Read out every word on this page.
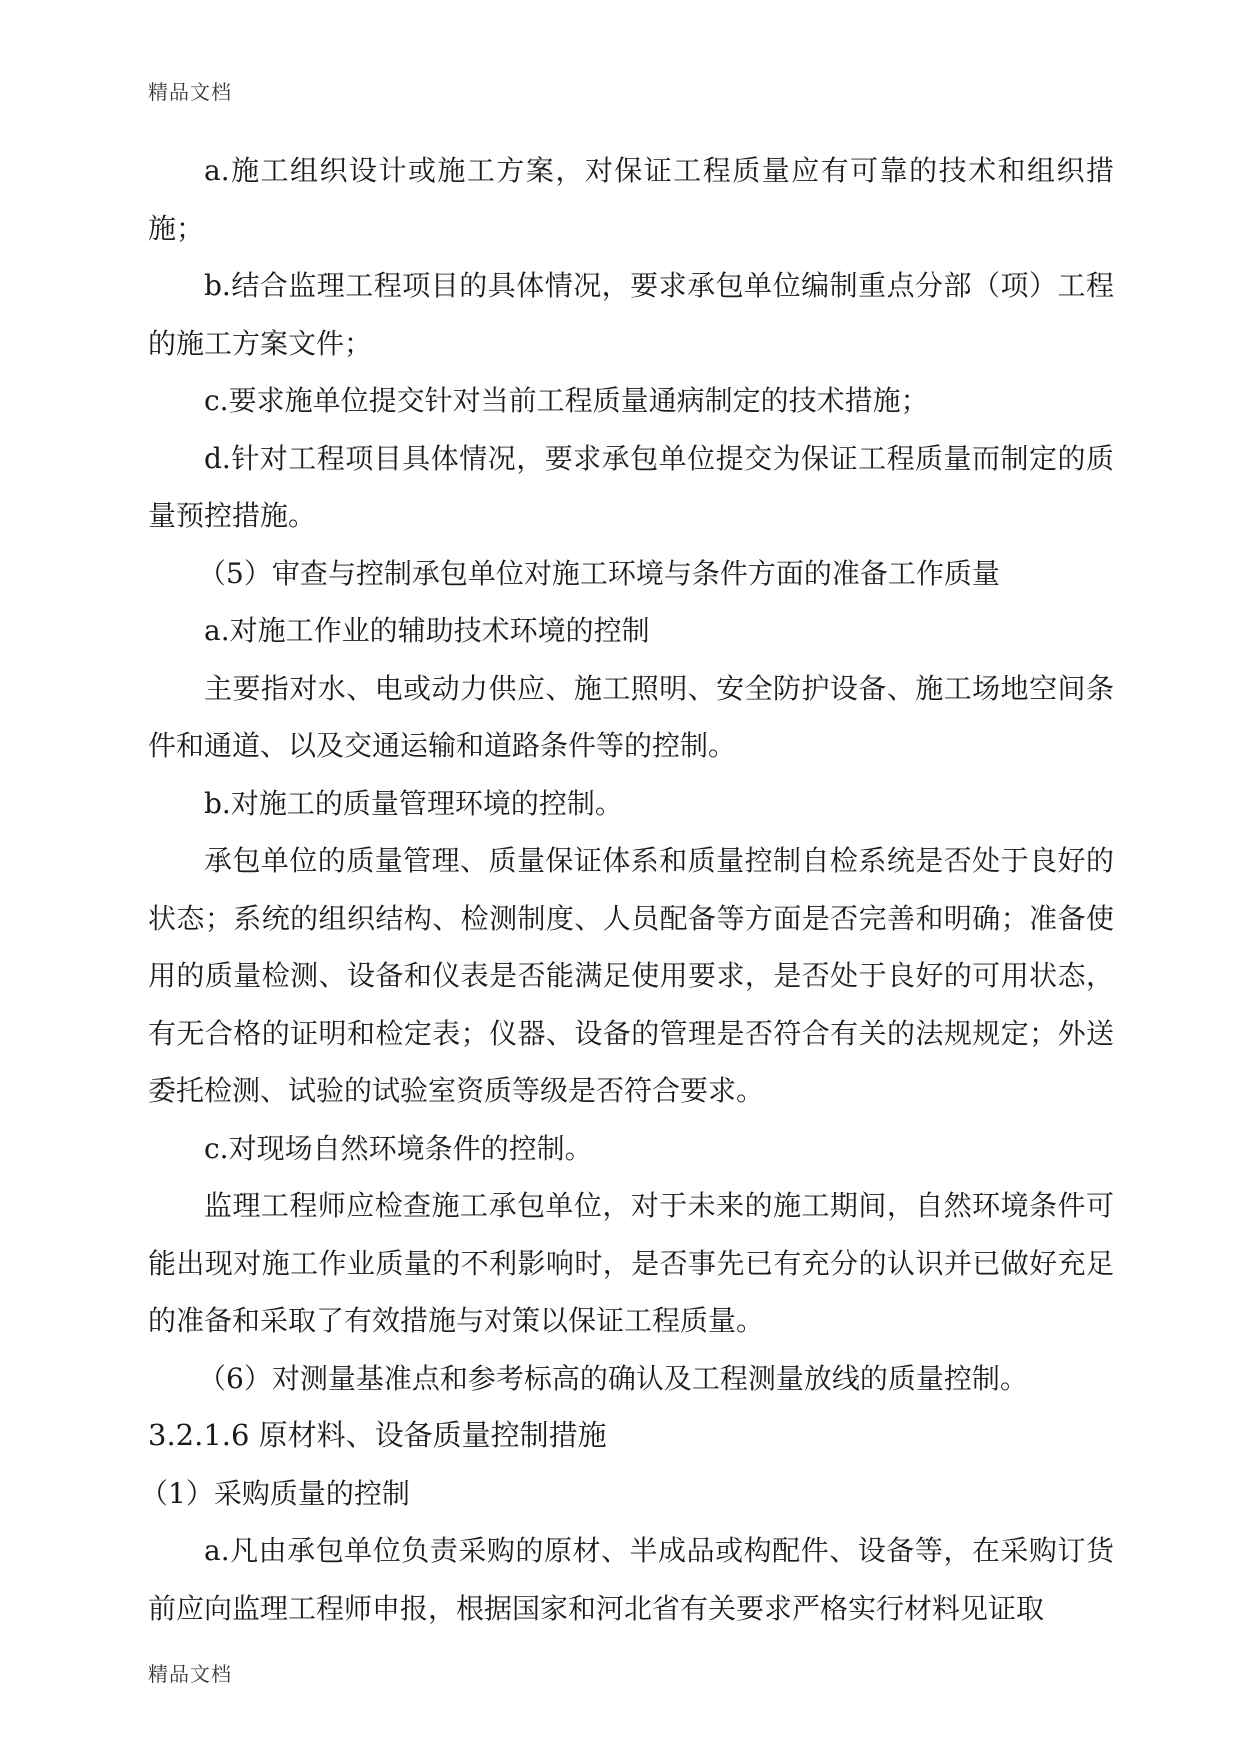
精品文档

a.施工组织设计或施工方案，对保证工程质量应有可靠的技术和组织措施；

b.结合监理工程项目的具体情况，要求承包单位编制重点分部（项）工程的施工方案文件；

c.要求施单位提交针对当前工程质量通病制定的技术措施；

d.针对工程项目具体情况，要求承包单位提交为保证工程质量而制定的质量预控措施。

（5）审查与控制承包单位对施工环境与条件方面的准备工作质量

a.对施工作业的辅助技术环境的控制

主要指对水、电或动力供应、施工照明、安全防护设备、施工场地空间条件和通道、以及交通运输和道路条件等的控制。

b.对施工的质量管理环境的控制。

承包单位的质量管理、质量保证体系和质量控制自检系统是否处于良好的状态；系统的组织结构、检测制度、人员配备等方面是否完善和明确；准备使用的质量检测、设备和仪表是否能满足使用要求，是否处于良好的可用状态，有无合格的证明和检定表；仪器、设备的管理是否符合有关的法规规定；外送委托检测、试验的试验室资质等级是否符合要求。

c.对现场自然环境条件的控制。

监理工程师应检查施工承包单位，对于未来的施工期间，自然环境条件可能出现对施工作业质量的不利影响时，是否事先已有充分的认识并已做好充足的准备和采取了有效措施与对策以保证工程质量。

（6）对测量基准点和参考标高的确认及工程测量放线的质量控制。

3.2.1.6 原材料、设备质量控制措施

（1）采购质量的控制

a.凡由承包单位负责采购的原材、半成品或构配件、设备等，在采购订货前应向监理工程师申报，根据国家和河北省有关要求严格实行材料见证取

精品文档
